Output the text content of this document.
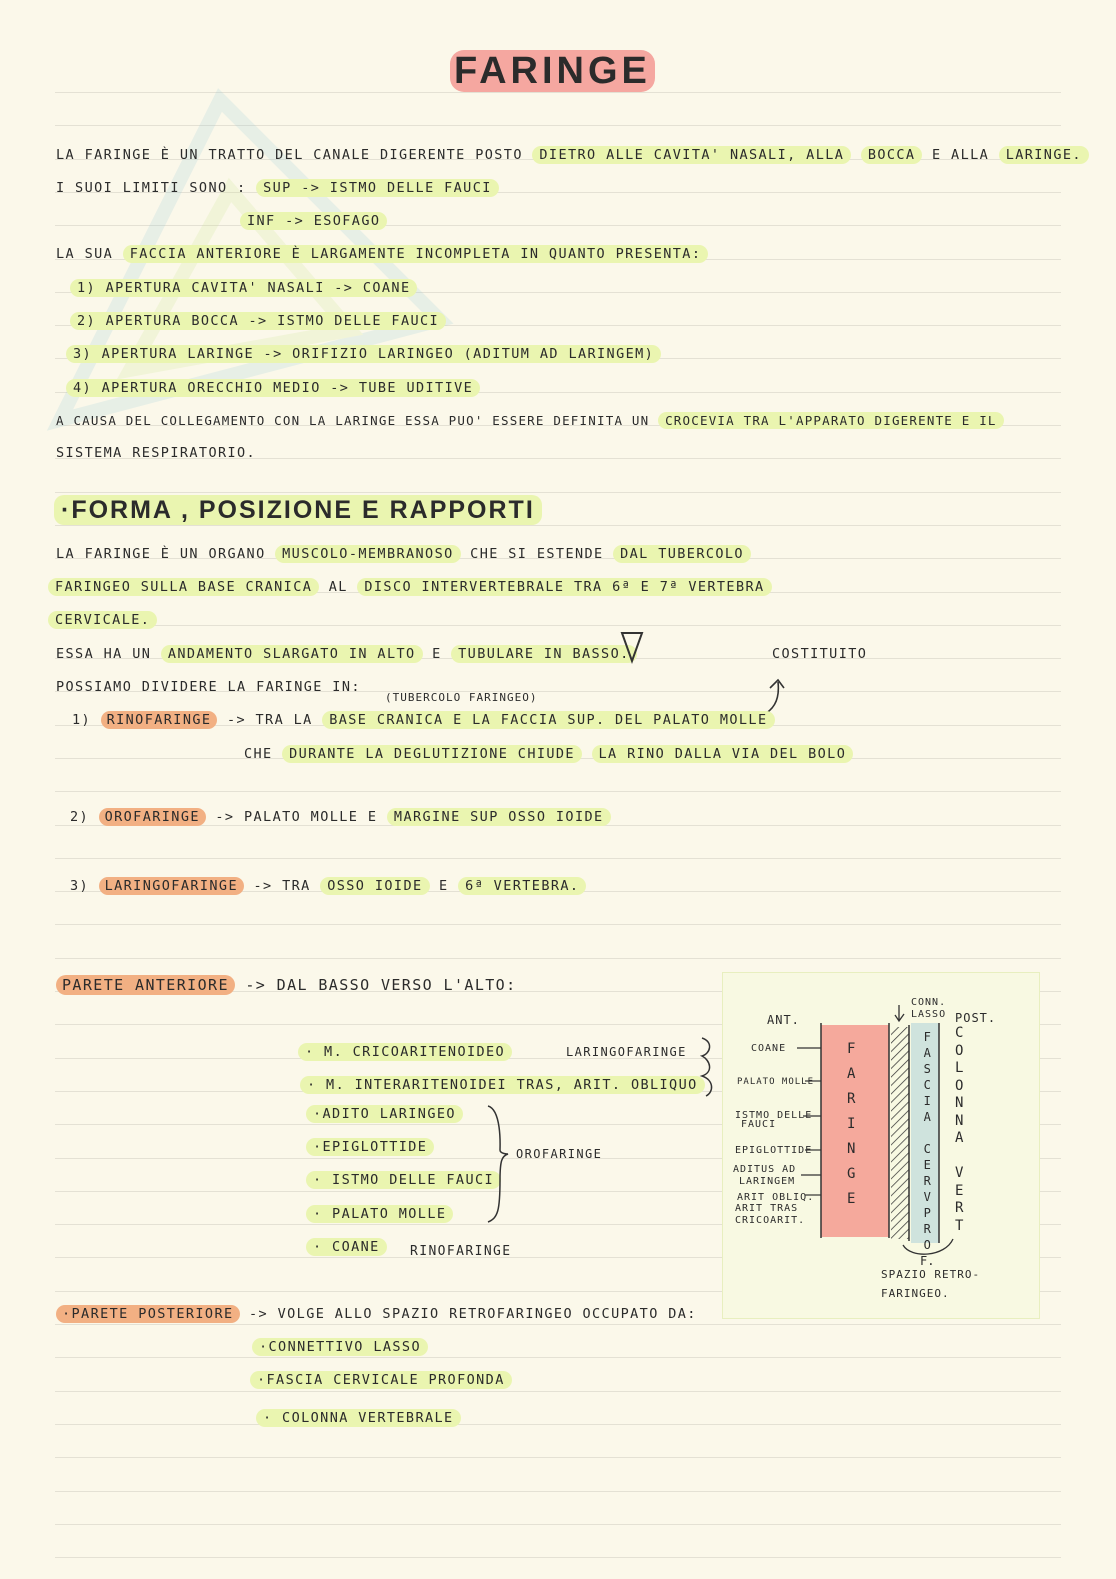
FARINGE
LA FARINGE È UN TRATTO DEL CANALE DIGERENTE POSTO DIETRO ALLE CAVITA' NASALI, ALLA BOCCA E ALLA LARINGE.
I SUOI LIMITI SONO : SUP -> ISTMO DELLE FAUCI
INF -> ESOFAGO
LA SUA FACCIA ANTERIORE È LARGAMENTE INCOMPLETA IN QUANTO PRESENTA:
1) APERTURA CAVITA' NASALI -> COANE
2) APERTURA BOCCA -> ISTMO DELLE FAUCI
3) APERTURA LARINGE -> ORIFIZIO LARINGEO (ADITUM AD LARINGEM)
4) APERTURA ORECCHIO MEDIO -> TUBE UDITIVE
A CAUSA DEL COLLEGAMENTO CON LA LARINGE ESSA PUO' ESSERE DEFINITA UN CROCEVIA TRA L'APPARATO DIGERENTE E IL
SISTEMA RESPIRATORIO.
·FORMA , POSIZIONE E RAPPORTI
LA FARINGE È UN ORGANO MUSCOLO-MEMBRANOSO CHE SI ESTENDE DAL TUBERCOLO
FARINGEO SULLA BASE CRANICA AL DISCO INTERVERTEBRALE TRA 6ª E 7ª VERTEBRA
CERVICALE.
ESSA HA UN ANDAMENTO SLARGATO IN ALTO E TUBULARE IN BASSO.	COSTITUITO
POSSIAMO DIVIDERE LA FARINGE IN:
(TUBERCOLO FARINGEO)
1) RINOFARINGE -> TRA LA BASE CRANICA E LA FACCIA SUP. DEL PALATO MOLLE
CHE DURANTE LA DEGLUTIZIONE CHIUDE LA RINO DALLA VIA DEL BOLO
2) OROFARINGE -> PALATO MOLLE E MARGINE SUP OSSO IOIDE
3) LARINGOFARINGE -> TRA OSSO IOIDE E 6ª VERTEBRA.
PARETE ANTERIORE -> DAL BASSO VERSO L'ALTO:
· M. CRICOARITENOIDEO
· M. INTERARITENOIDEI TRAS, ARIT. OBLIQUO
·ADITO LARINGEO
·EPIGLOTTIDE
· ISTMO DELLE FAUCI
· PALATO MOLLE
· COANE
LARINGOFARINGE
OROFARINGE
RINOFARINGE
·PARETE POSTERIORE -> VOLGE ALLO SPAZIO RETROFARINGEO OCCUPATO DA:
·CONNETTIVO LASSO
·FASCIA CERVICALE PROFONDA
· COLONNA VERTEBRALE
ANT.
CONN.
LASSO POST.
COANE
PALATO MOLLE
ISTMO DELLE
FAUCI
EPIGLOTTIDE
ADITUS AD
LARINGEM
ARIT OBLIQ.
ARIT TRAS
CRICOARIT.
F
A
R
I
N
G
E
F
A
S
C
I
A

C
E
R
V
P
R
O
F.
C
O
L
O
N
N
A

V
E
R
T
SPAZIO RETRO-
FARINGEO.
